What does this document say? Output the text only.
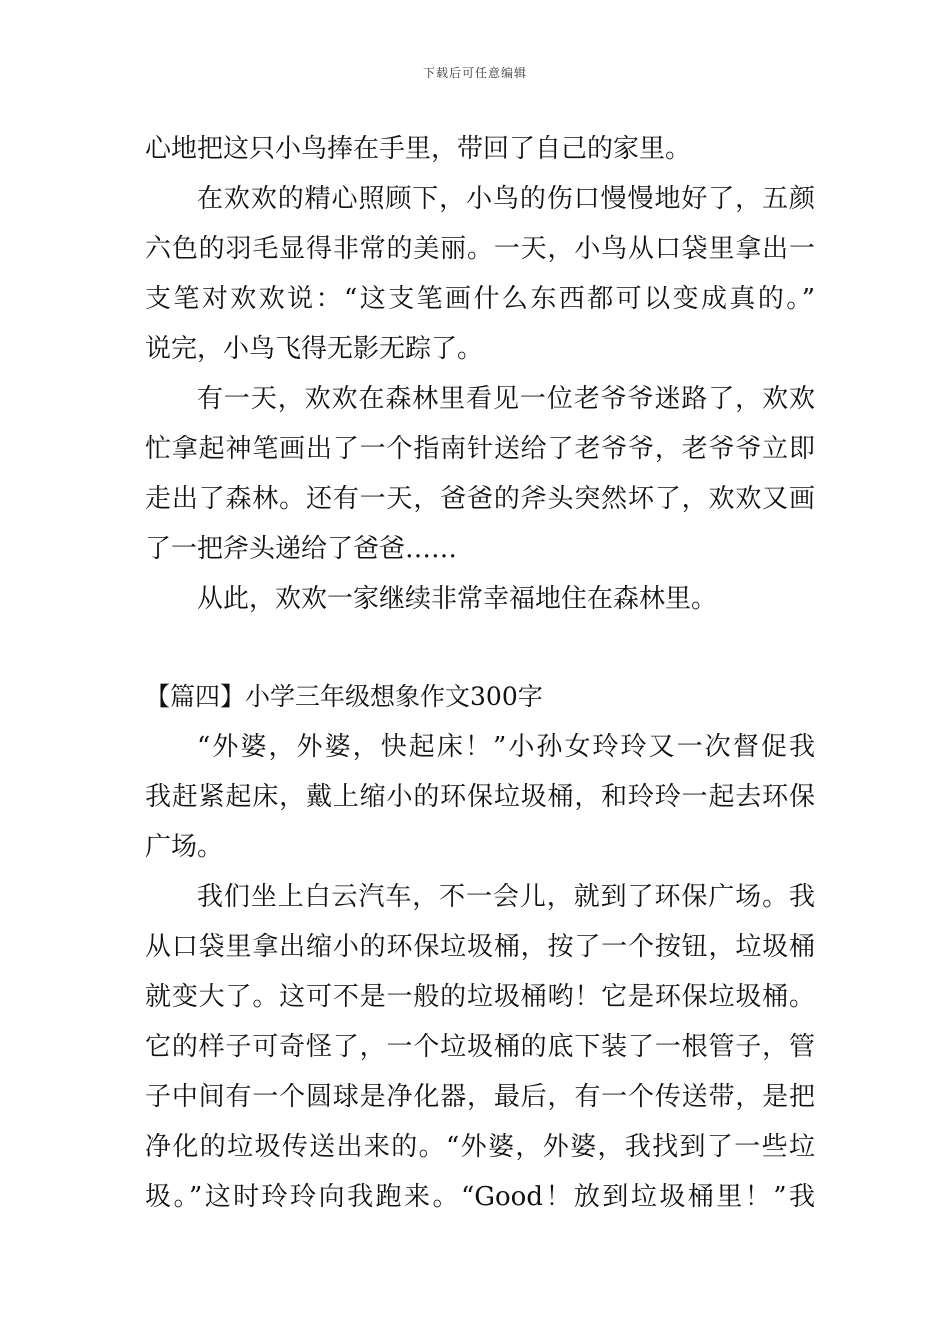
下载后可任意编辑
心地把这只小鸟捧在手里，带回了自己的家里。
在欢欢的精心照顾下，小鸟的伤口慢慢地好了，五颜
六色的羽毛显得非常的美丽。一天，小鸟从口袋里拿出一
支笔对欢欢说：“这支笔画什么东西都可以变成真的。”
说完，小鸟飞得无影无踪了。
有一天，欢欢在森林里看见一位老爷爷迷路了，欢欢
忙拿起神笔画出了一个指南针送给了老爷爷，老爷爷立即
走出了森林。还有一天，爸爸的斧头突然坏了，欢欢又画
了一把斧头递给了爸爸……
从此，欢欢一家继续非常幸福地住在森林里。
【篇四】小学三年级想象作文300字
“外婆，外婆，快起床！”小孙女玲玲又一次督促我
我赶紧起床，戴上缩小的环保垃圾桶，和玲玲一起去环保
广场。
我们坐上白云汽车，不一会儿，就到了环保广场。我
从口袋里拿出缩小的环保垃圾桶，按了一个按钮，垃圾桶
就变大了。这可不是一般的垃圾桶哟！它是环保垃圾桶。
它的样子可奇怪了，一个垃圾桶的底下装了一根管子，管
子中间有一个圆球是净化器，最后，有一个传送带，是把
净化的垃圾传送出来的。“外婆，外婆，我找到了一些垃
圾。”这时玲玲向我跑来。“Good！放到垃圾桶里！”我
